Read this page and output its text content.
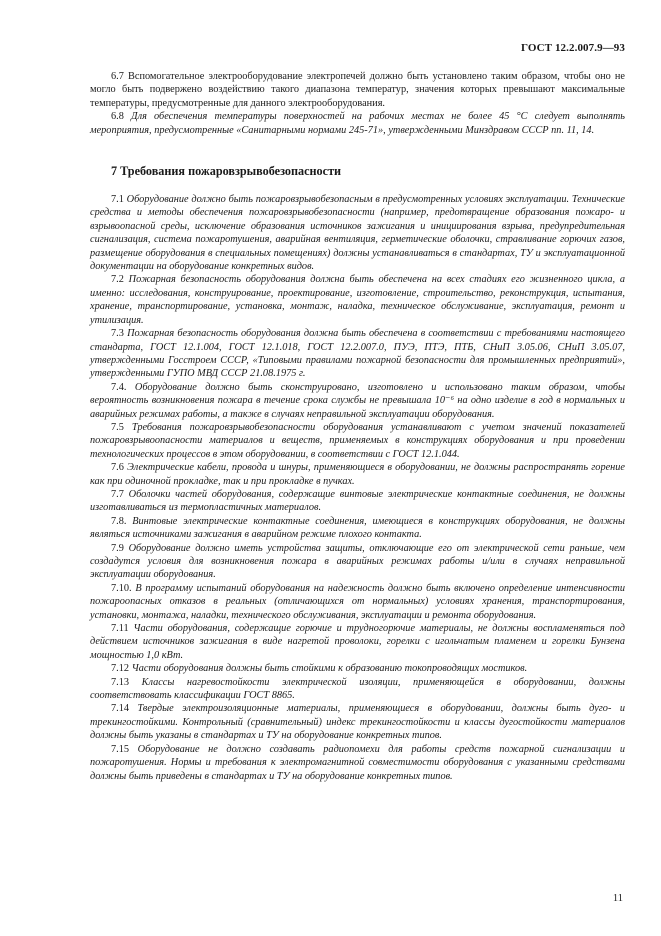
ГОСТ 12.2.007.9—93

6.7 Вспомогательное электрооборудование электропечей должно быть установлено таким образом, чтобы оно не могло быть подвержено воздействию такого диапазона температур, значения которых превышают максимальные температуры, предусмотренные для данного электрооборудования.

6.8 Для обеспечения температуры поверхностей на рабочих местах не более 45 °С следует выполнять мероприятия, предусмотренные «Санитарными нормами 245-71», утвержденными Минздравом СССР пп. 11, 14.

7 Требования пожаровзрывобезопасности

7.1 Оборудование должно быть пожаровзрывобезопасным в предусмотренных условиях эксплуатации. Технические средства и методы обеспечения пожаровзрывобезопасности (например, предотвращение образования пожаро- и взрывоопасной среды, исключение образования источников зажигания и инициирования взрыва, предупредительная сигнализация, система пожаротушения, аварийная вентиляция, герметические оболочки, стравливание горючих газов, размещение оборудования в специальных помещениях) должны устанавливаться в стандартах, ТУ и эксплуатационной документации на оборудование конкретных видов.

7.2 Пожарная безопасность оборудования должна быть обеспечена на всех стадиях его жизненного цикла, а именно: исследования, конструирование, проектирование, изготовление, строительство, реконструкция, испытания, хранение, транспортирование, установка, монтаж, наладка, техническое обслуживание, эксплуатация, ремонт и утилизация.

7.3 Пожарная безопасность оборудования должна быть обеспечена в соответствии с требованиями настоящего стандарта, ГОСТ 12.1.004, ГОСТ 12.1.018, ГОСТ 12.2.007.0, ПУЭ, ПТЭ, ПТБ, СНиП 3.05.06, СНиП 3.05.07, утвержденными Госстроем СССР, «Типовыми правилами пожарной безопасности для промышленных предприятий», утвержденными ГУПО МВД СССР 21.08.1975 г.

7.4. Оборудование должно быть сконструировано, изготовлено и использовано таким образом, чтобы вероятность возникновения пожара в течение срока службы не превышала 10⁻⁶ на одно изделие в год в нормальных и аварийных режимах работы, а также в случаях неправильной эксплуатации оборудования.

7.5 Требования пожаровзрывобезопасности оборудования устанавливают с учетом значений показателей пожаровзрывоопасности материалов и веществ, применяемых в конструкциях оборудования и при проведении технологических процессов в этом оборудовании, в соответствии с ГОСТ 12.1.044.

7.6 Электрические кабели, провода и шнуры, применяющиеся в оборудовании, не должны распространять горение как при одиночной прокладке, так и при прокладке в пучках.

7.7 Оболочки частей оборудования, содержащие винтовые электрические контактные соединения, не должны изготавливаться из термопластичных материалов.

7.8. Винтовые электрические контактные соединения, имеющиеся в конструкциях оборудования, не должны являться источниками зажигания в аварийном режиме плохого контакта.

7.9 Оборудование должно иметь устройства защиты, отключающие его от электрической сети раньше, чем создадутся условия для возникновения пожара в аварийных режимах работы и/или в случаях неправильной эксплуатации оборудования.

7.10. В программу испытаний оборудования на надежность должно быть включено определение интенсивности пожароопасных отказов в реальных (отличающихся от нормальных) условиях хранения, транспортирования, установки, монтажа, наладки, технического обслуживания, эксплуатации и ремонта оборудования.

7.11 Части оборудования, содержащие горючие и трудногорючие материалы, не должны воспламеняться под действием источников зажигания в виде нагретой проволоки, горелки с игольчатым пламенем и горелки Бунзена мощностью 1,0 кВт.

7.12 Части оборудования должны быть стойкими к образованию токопроводящих мостиков.

7.13 Классы нагревостойкости электрической изоляции, применяющейся в оборудовании, должны соответствовать классификации ГОСТ 8865.

7.14 Твердые электроизоляционные материалы, применяющиеся в оборудовании, должны быть дуго- и трекингостойкими. Контрольный (сравнительный) индекс трекингостойкости и классы дугостойкости материалов должны быть указаны в стандартах и ТУ на оборудование конкретных типов.

7.15 Оборудование не должно создавать радиопомехи для работы средств пожарной сигнализации и пожаротушения. Нормы и требования к электромагнитной совместимости оборудования с указанными средствами должны быть приведены в стандартах и ТУ на оборудование конкретных типов.

11
